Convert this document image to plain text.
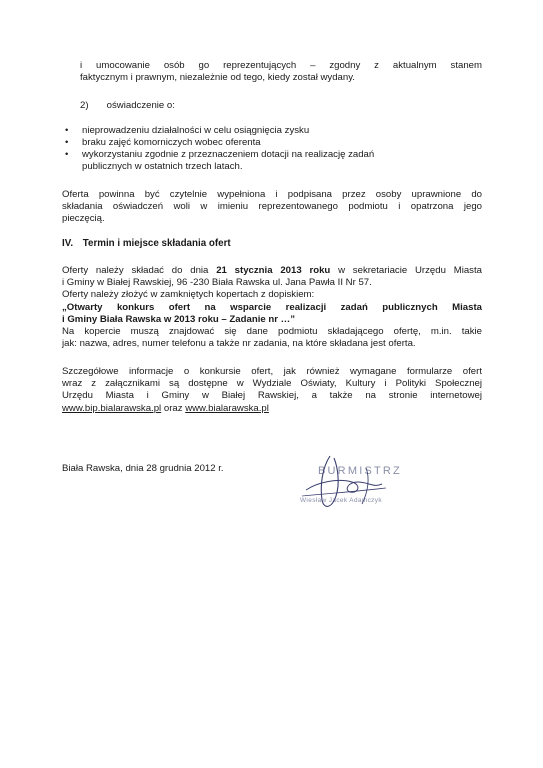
i umocowanie osób go reprezentujących – zgodny z aktualnym stanem
faktycznym i prawnym, niezależnie od tego, kiedy został wydany.

2) oświadczenie o:
• nieprowadzeniu działalności w celu osiągnięcia zysku
• braku zajęć komorniczych wobec oferenta
• wykorzystaniu zgodnie z przeznaczeniem dotacji na realizację zadań
publicznych w ostatnich trzech latach.

Oferta powinna być czytelnie wypełniona i podpisana przez osoby uprawnione do
składania oświadczeń woli w imieniu reprezentowanego podmiotu i opatrzona jego
pieczęcią.

IV. Termin i miejsce składania ofert

Oferty należy składać do dnia 21 stycznia 2013 roku w sekretariacie Urzędu Miasta
i Gminy w Białej Rawskiej, 96 -230 Biała Rawska ul. Jana Pawła II Nr 57.
Oferty należy złożyć w zamkniętych kopertach z dopiskiem:
„Otwarty konkurs ofert na wsparcie realizacji zadań publicznych Miasta
i Gminy Biała Rawska w 2013 roku – Zadanie nr …”
Na kopercie muszą znajdować się dane podmiotu składającego ofertę, m.in. takie
jak: nazwa, adres, numer telefonu a także nr zadania, na które składana jest oferta.

Szczegółowe informacje o konkursie ofert, jak również wymagane formularze ofert
wraz z załącznikami są dostępne w Wydziale Oświaty, Kultury i Polityki Społecznej
Urzędu Miasta i Gminy w Białej Rawskiej, a także na stronie internetowej
www.bip.bialarawska.pl oraz www.bialarawska.pl

Biała Rawska, dnia 28 grudnia 2012 r.	BURMISTRZ
Wiesław Jacek Adamczyk
